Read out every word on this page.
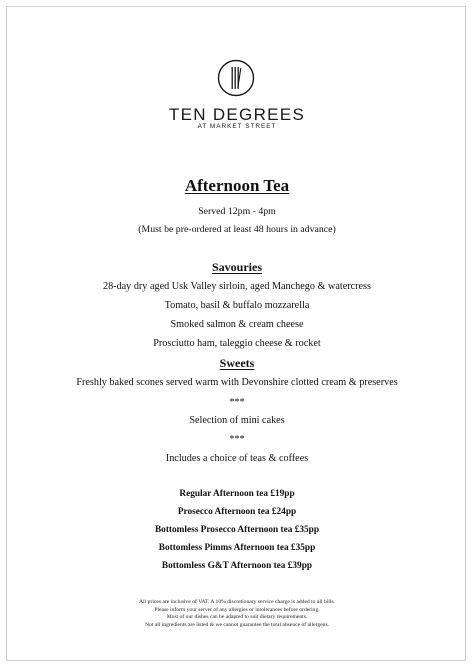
TEN DEGREES
AT MARKET STREET
Afternoon Tea
Served 12pm - 4pm
(Must be pre-ordered at least 48 hours in advance)
Savouries
28-day dry aged Usk Valley sirloin, aged Manchego & watercress
Tomato, basil & buffalo mozzarella
Smoked salmon & cream cheese
Prosciutto ham, taleggio cheese & rocket
Sweets
Freshly baked scones served warm with Devonshire clotted cream & preserves
***
Selection of mini cakes
***
Includes a choice of teas & coffees
Regular Afternoon tea £19pp
Prosecco Afternoon tea £24pp
Bottomless Prosecco Afternoon tea £35pp
Bottomless Pimms Afternoon tea £35pp
Bottomless G&T Afternoon tea £39pp
All prices are inclusive of VAT. A 10% discretionary service charge is added to all bills.
Please inform your server of any allergies or intolerances before ordering.
Most of our dishes can be adapted to suit dietary requirements.
Not all ingredients are listed & we cannot guarantee the total absence of allergens.
